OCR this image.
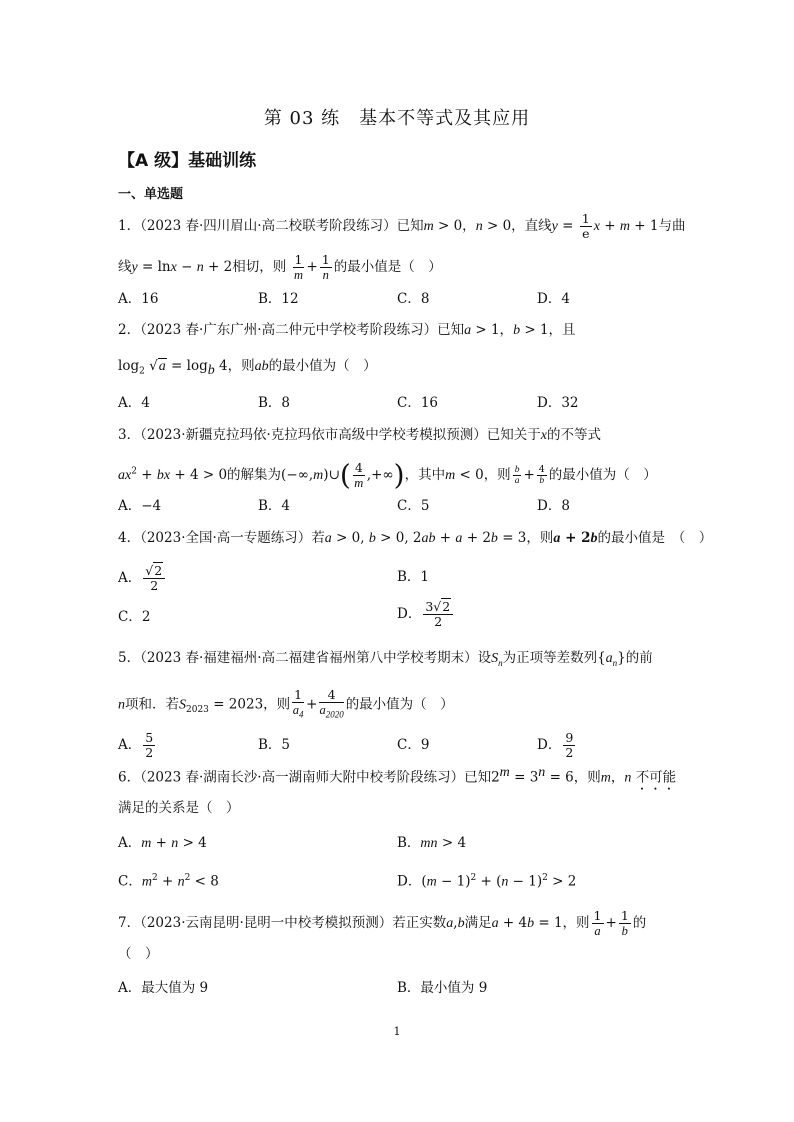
第 03 练　基本不等式及其应用
【A 级】基础训练
一、单选题
1．（2023 春·四川眉山·高二校联考阶段练习）已知m > 0，n > 0，直线$y = \frac{1}{e}$ x + m + 1与曲
线y = lnx − n + 2相切，则 $\frac{1}{m} + \frac{1}{n}$ 的最小值是（　）
A．16	B．12	C．8	D．4
2．（2023 春·广东广州·高二仲元中学校考阶段练习）已知a > 1，b > 1，且
$\log_2 √a = \log_b 4$，则ab的最小值为（　）
A．4	B．8	C．16	D．32
3．（2023·新疆克拉玛依·克拉玛依市高级中学校考模拟预测）已知关于x的不等式
$ax^2$ + bx + 4 > 0的解集为(−∞,m)∪( $\frac{4}{m}$ ,+∞)，其中m < 0，则 $\frac{b}{a} + \frac{4}{b}$ 的最小值为（　）
A．−4	B．4	C．5	D．8
4．（2023·全国·高一专题练习）若a > 0, b > 0, 2ab + a + 2b = 3，则a + 2b的最小值是　（　）
A． $\frac{√2}{2}$	B．1
C．2	D． $\frac{3√2}{2}$
5．（2023 春·福建福州·高二福建省福州第八中学校考期末）设$S_n$为正项等差数列$\{a_n\}$的前
n项和．若$S_{2023} = 2023$，则 $\frac{1}{a_4} + \frac{4}{a_{2020}}$ 的最小值为（　）
A． $\frac{5}{2}$	B．5	C．9	D． $\frac{9}{2}$
6．（2023 春·湖南长沙·高一湖南师大附中校考阶段练习）已知$2^m = 3^n = 6$，则m，n 不可能
满足的关系是（　）
A．m + n > 4	B．mn > 4
C．$m^2 + n^2 < 8$	D．$(m - 1)^2 + (n - 1)^2 > 2$
7．（2023·云南昆明·昆明一中校考模拟预测）若正实数a,b满足a + 4b = 1，则 $\frac{1}{a} + \frac{1}{b}$ 的
（　）
A．最大值为 9	B．最小值为 9
1
